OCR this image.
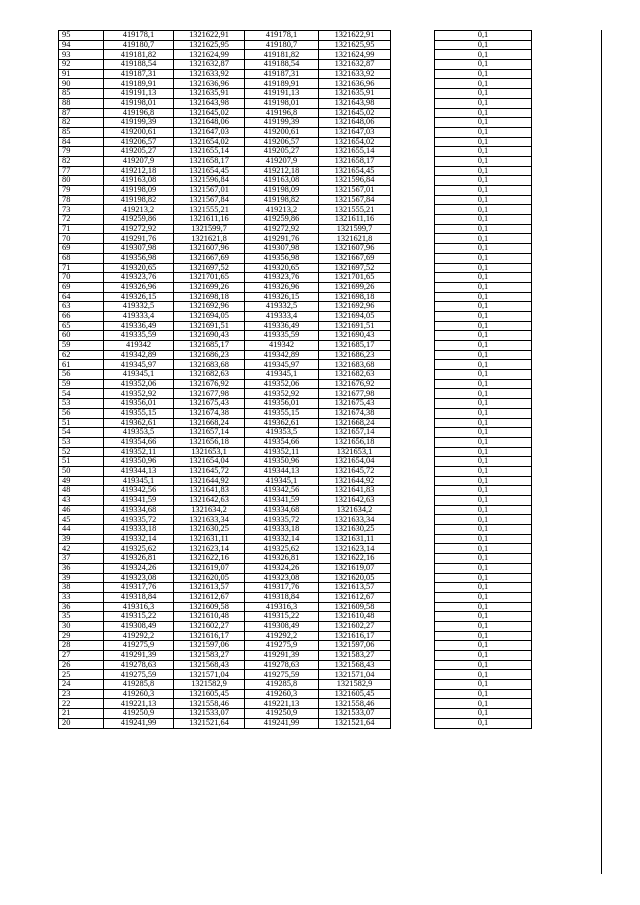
95	419178,1	1321622,91	419178,1	1321622,91		0,1
94	419180,7	1321625,95	419180,7	1321625,95		0,1
93	419181,82	1321624,99	419181,82	1321624,99		0,1
92	419188,54	1321632,87	419188,54	1321632,87		0,1
91	419187,31	1321633,92	419187,31	1321633,92		0,1
90	419189,91	1321636,96	419189,91	1321636,96		0,1
85	419191,13	1321635,91	419191,13	1321635,91		0,1
88	419198,01	1321643,98	419198,01	1321643,98		0,1
87	419196,8	1321645,02	419196,8	1321645,02		0,1
82	419199,39	1321648,06	419199,39	1321648,06		0,1
85	419200,61	1321647,03	419200,61	1321647,03		0,1
84	419206,57	1321654,02	419206,57	1321654,02		0,1
79	419205,27	1321655,14	419205,27	1321655,14		0,1
82	419207,9	1321658,17	419207,9	1321658,17		0,1
77	419212,18	1321654,45	419212,18	1321654,45		0,1
80	419163,08	1321596,84	419163,08	1321596,84		0,1
79	419198,09	1321567,01	419198,09	1321567,01		0,1
78	419198,82	1321567,84	419198,82	1321567,84		0,1
73	419213,2	1321555,21	419213,2	1321555,21		0,1
72	419259,86	1321611,16	419259,86	1321611,16		0,1
71	419272,92	1321599,7	419272,92	1321599,7		0,1
70	419291,76	1321621,8	419291,76	1321621,8		0,1
69	419307,98	1321607,96	419307,98	1321607,96		0,1
68	419356,98	1321667,69	419356,98	1321667,69		0,1
71	419320,65	1321697,52	419320,65	1321697,52		0,1
70	419323,76	1321701,65	419323,76	1321701,65		0,1
69	419326,96	1321699,26	419326,96	1321699,26		0,1
64	419326,15	1321698,18	419326,15	1321698,18		0,1
63	419332,5	1321692,96	419332,5	1321692,96		0,1
66	419333,4	1321694,05	419333,4	1321694,05		0,1
65	419336,49	1321691,51	419336,49	1321691,51		0,1
60	419335,59	1321690,43	419335,59	1321690,43		0,1
59	419342	1321685,17	419342	1321685,17		0,1
62	419342,89	1321686,23	419342,89	1321686,23		0,1
61	419345,97	1321683,68	419345,97	1321683,68		0,1
56	419345,1	1321682,63	419345,1	1321682,63		0,1
59	419352,06	1321676,92	419352,06	1321676,92		0,1
54	419352,92	1321677,98	419352,92	1321677,98		0,1
53	419356,01	1321675,43	419356,01	1321675,43		0,1
56	419355,15	1321674,38	419355,15	1321674,38		0,1
51	419362,61	1321668,24	419362,61	1321668,24		0,1
54	419353,5	1321657,14	419353,5	1321657,14		0,1
53	419354,66	1321656,18	419354,66	1321656,18		0,1
52	419352,11	1321653,1	419352,11	1321653,1		0,1
51	419350,96	1321654,04	419350,96	1321654,04		0,1
50	419344,13	1321645,72	419344,13	1321645,72		0,1
49	419345,1	1321644,92	419345,1	1321644,92		0,1
48	419342,56	1321641,83	419342,56	1321641,83		0,1
43	419341,59	1321642,63	419341,59	1321642,63		0,1
46	419334,68	1321634,2	419334,68	1321634,2		0,1
45	419335,72	1321633,34	419335,72	1321633,34		0,1
44	419333,18	1321630,25	419333,18	1321630,25		0,1
39	419332,14	1321631,11	419332,14	1321631,11		0,1
42	419325,62	1321623,14	419325,62	1321623,14		0,1
37	419326,81	1321622,16	419326,81	1321622,16		0,1
36	419324,26	1321619,07	419324,26	1321619,07		0,1
39	419323,08	1321620,05	419323,08	1321620,05		0,1
38	419317,76	1321613,57	419317,76	1321613,57		0,1
33	419318,84	1321612,67	419318,84	1321612,67		0,1
36	419316,3	1321609,58	419316,3	1321609,58		0,1
35	419315,22	1321610,48	419315,22	1321610,48		0,1
30	419308,49	1321602,27	419308,49	1321602,27		0,1
29	419292,2	1321616,17	419292,2	1321616,17		0,1
28	419275,9	1321597,06	419275,9	1321597,06		0,1
27	419291,39	1321583,27	419291,39	1321583,27		0,1
26	419278,63	1321568,43	419278,63	1321568,43		0,1
25	419275,59	1321571,04	419275,59	1321571,04		0,1
24	419285,8	1321582,9	419285,8	1321582,9		0,1
23	419260,3	1321605,45	419260,3	1321605,45		0,1
22	419221,13	1321558,46	419221,13	1321558,46		0,1
21	419250,9	1321533,07	419250,9	1321533,07		0,1
20	419241,99	1321521,64	419241,99	1321521,64		0,1
